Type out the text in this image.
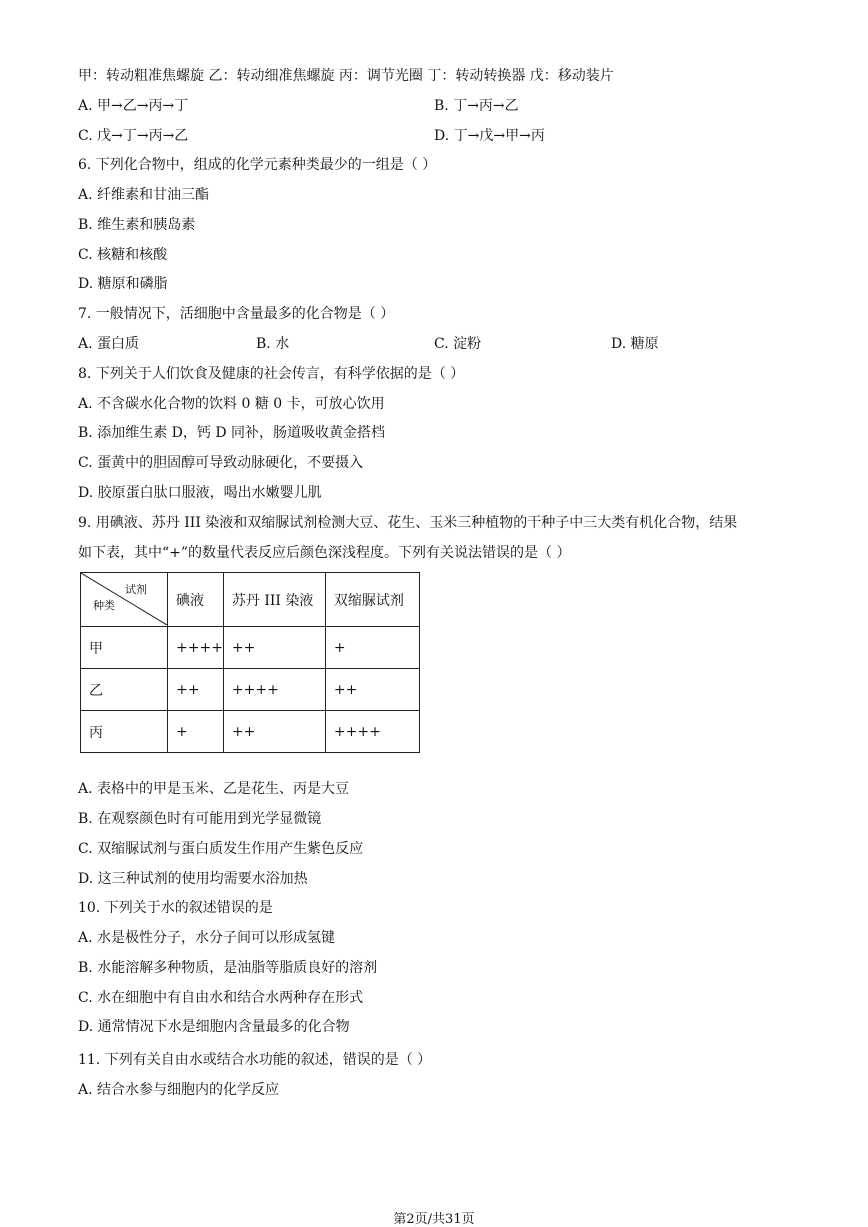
甲：转动粗准焦螺旋 乙：转动细准焦螺旋 丙：调节光圈 丁：转动转换器 戊：移动装片
A. 甲→乙→丙→丁	B. 丁→丙→乙
C. 戊→丁→丙→乙	D. 丁→戊→甲→丙
6. 下列化合物中，组成的化学元素种类最少的一组是（ ）
A. 纤维素和甘油三酯
B. 维生素和胰岛素
C. 核糖和核酸
D. 糖原和磷脂
7. 一般情况下，活细胞中含量最多的化合物是（ ）
A. 蛋白质	B. 水	C. 淀粉	D. 糖原
8. 下列关于人们饮食及健康的社会传言，有科学依据的是（ ）
A. 不含碳水化合物的饮料 0 糖 0 卡，可放心饮用
B. 添加维生素 D，钙 D 同补，肠道吸收黄金搭档
C. 蛋黄中的胆固醇可导致动脉硬化，不要摄入
D. 胶原蛋白肽口服液，喝出水嫩婴儿肌
9. 用碘液、苏丹 III 染液和双缩脲试剂检测大豆、花生、玉米三种植物的干种子中三大类有机化合物，结果
如下表，其中“+”的数量代表反应后颜色深浅程度。下列有关说法错误的是（ ）
试剂
种类	碘液	苏丹 III 染液	双缩脲试剂
甲	++++	++	+
乙	++	++++	++
丙	+	++	++++
A. 表格中的甲是玉米、乙是花生、丙是大豆
B. 在观察颜色时有可能用到光学显微镜
C. 双缩脲试剂与蛋白质发生作用产生紫色反应
D. 这三种试剂的使用均需要水浴加热
10. 下列关于水的叙述错误的是
A. 水是极性分子，水分子间可以形成氢键
B. 水能溶解多种物质，是油脂等脂质良好的溶剂
C. 水在细胞中有自由水和结合水两种存在形式
D. 通常情况下水是细胞内含量最多的化合物
11. 下列有关自由水或结合水功能的叙述，错误的是（ ）
A. 结合水参与细胞内的化学反应
第2页/共31页
